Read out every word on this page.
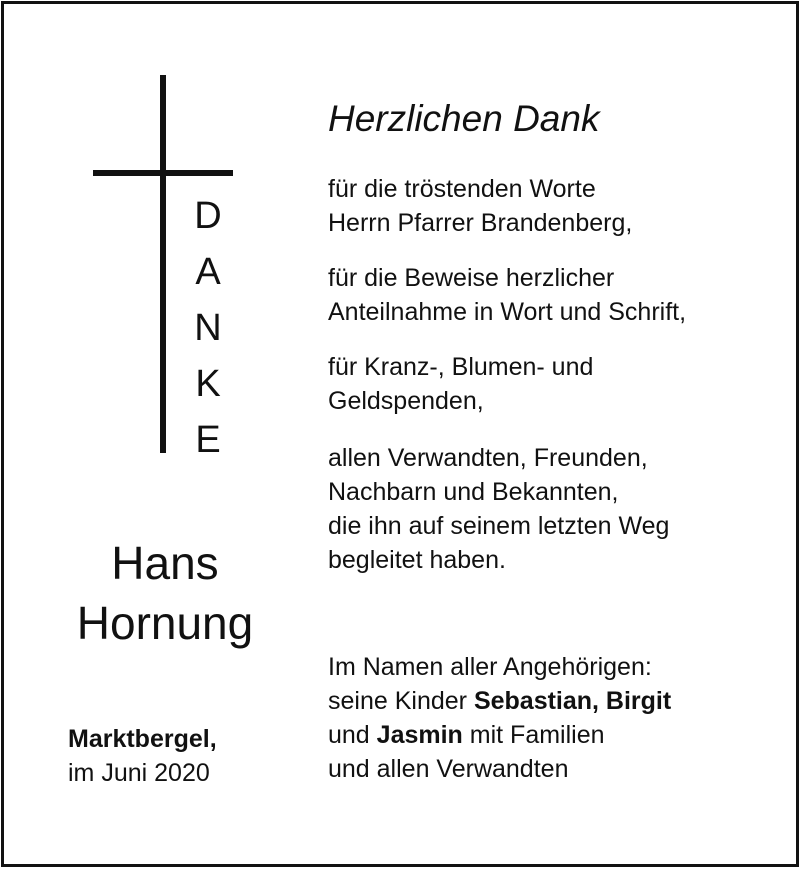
D
A
N
K
E
Hans
Hornung
Marktbergel,
im Juni 2020
Herzlichen Dank
für die tröstenden Worte
Herrn Pfarrer Brandenberg,
für die Beweise herzlicher
Anteilnahme in Wort und Schrift,
für Kranz-, Blumen- und
Geldspenden,
allen Verwandten, Freunden,
Nachbarn und Bekannten,
die ihn auf seinem letzten Weg
begleitet haben.
Im Namen aller Angehörigen:
seine Kinder Sebastian, Birgit
und Jasmin mit Familien
und allen Verwandten
